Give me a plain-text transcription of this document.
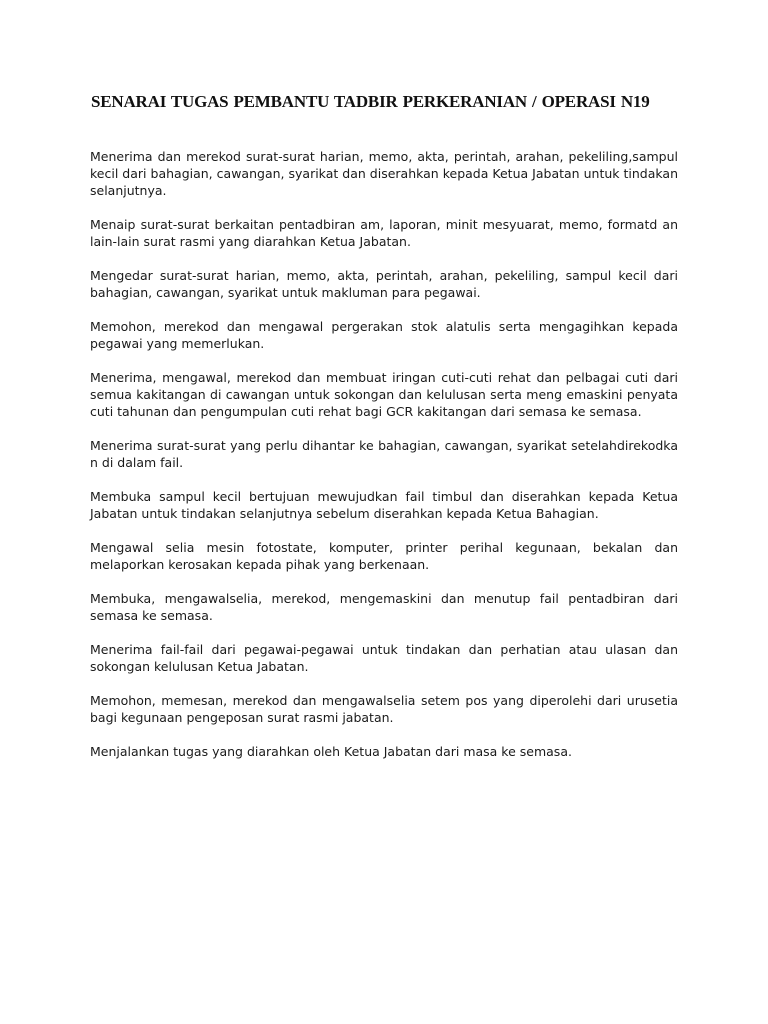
SENARAI TUGAS PEMBANTU TADBIR PERKERANIAN / OPERASI N19
Menerima dan merekod surat-surat harian, memo, akta, perintah, arahan, pekeliling,sampul kecil dari bahagian, cawangan, syarikat dan diserahkan kepada Ketua Jabatan untuk tindakan selanjutnya.
Menaip surat-surat berkaitan pentadbiran am, laporan, minit mesyuarat, memo, formatd an lain-lain surat rasmi yang diarahkan Ketua Jabatan.
Mengedar surat-surat harian, memo, akta, perintah, arahan, pekeliling, sampul kecil dari bahagian, cawangan, syarikat untuk makluman para pegawai.
Memohon, merekod dan mengawal pergerakan stok alatulis serta mengagihkan kepada pegawai yang memerlukan.
Menerima, mengawal, merekod dan membuat iringan cuti-cuti rehat dan pelbagai cuti dari semua kakitangan di cawangan untuk sokongan dan kelulusan serta meng emaskini penyata cuti tahunan dan pengumpulan cuti rehat bagi GCR kakitangan dari semasa ke semasa.
Menerima surat-surat yang perlu dihantar ke bahagian, cawangan, syarikat setelahdirekodka n di dalam fail.
Membuka sampul kecil bertujuan mewujudkan fail timbul dan diserahkan kepada Ketua Jabatan untuk tindakan selanjutnya sebelum diserahkan kepada Ketua Bahagian.
Mengawal selia mesin fotostate, komputer, printer perihal kegunaan, bekalan dan melaporkan kerosakan kepada pihak yang berkenaan.
Membuka, mengawalselia, merekod, mengemaskini dan menutup fail pentadbiran dari semasa ke semasa.
Menerima fail-fail dari pegawai-pegawai untuk tindakan dan perhatian atau ulasan dan sokongan kelulusan Ketua Jabatan.
Memohon, memesan, merekod dan mengawalselia setem pos yang diperolehi dari urusetia bagi kegunaan pengeposan surat rasmi jabatan.
Menjalankan tugas yang diarahkan oleh Ketua Jabatan dari masa ke semasa.
